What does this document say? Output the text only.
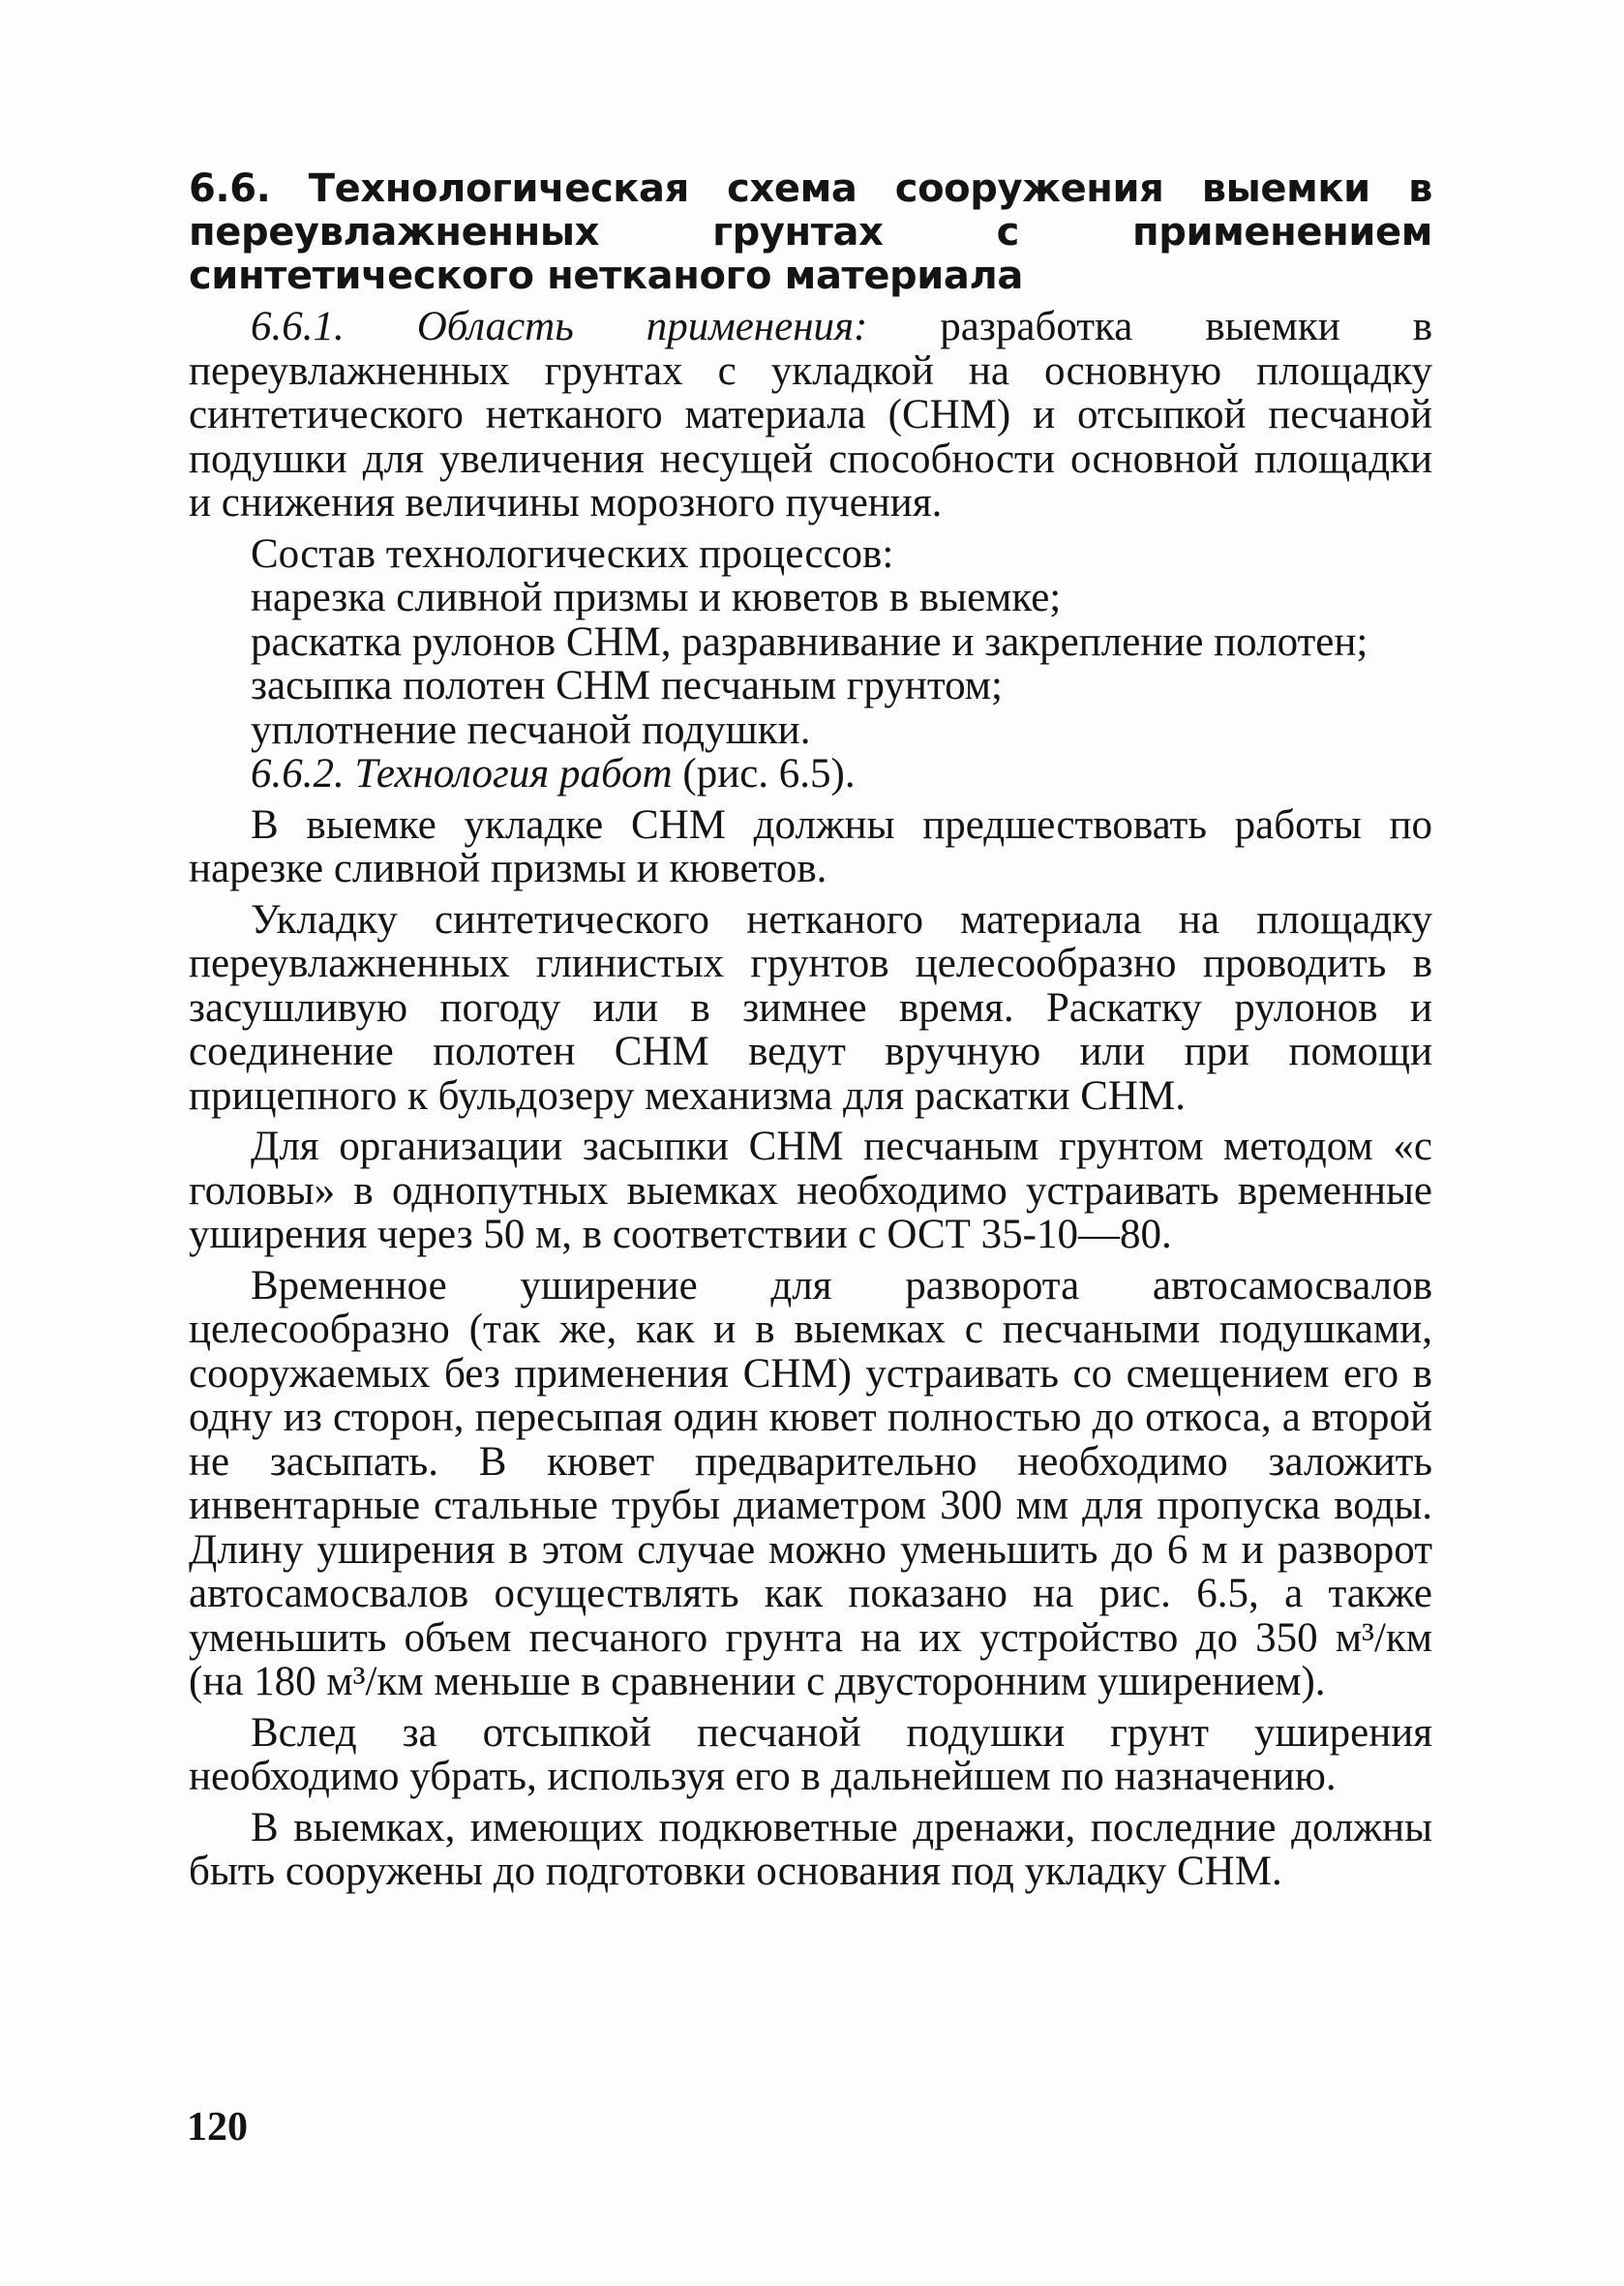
6.6. Технологическая схема сооружения выемки в переувлажненных грунтах с применением синтетического нетканого материала

6.6.1. Область применения: разработка выемки в переувлажненных грунтах с укладкой на основную площадку синтетического нетканого материала (СНМ) и отсыпкой песчаной подушки для увеличения несущей способности основной площадки и снижения величины морозного пучения.

Состав технологических процессов:

нарезка сливной призмы и кюветов в выемке;

раскатка рулонов СНМ, разравнивание и закрепление полотен;

засыпка полотен СНМ песчаным грунтом;

уплотнение песчаной подушки.

6.6.2. Технология работ (рис. 6.5).

В выемке укладке СНМ должны предшествовать работы по нарезке сливной призмы и кюветов.

Укладку синтетического нетканого материала на площадку переувлажненных глинистых грунтов целесообразно проводить в засушливую погоду или в зимнее время. Раскатку рулонов и соединение полотен СНМ ведут вручную или при помощи прицепного к бульдозеру механизма для раскатки СНМ.

Для организации засыпки СНМ песчаным грунтом методом «с головы» в однопутных выемках необходимо устраивать временные уширения через 50 м, в соответствии с ОСТ 35-10—80.

Временное уширение для разворота автосамосвалов целесообразно (так же, как и в выемках с песчаными подушками, сооружаемых без применения СНМ) устраивать со смещением его в одну из сторон, пересыпая один кювет полностью до откоса, а второй не засыпать. В кювет предварительно необходимо заложить инвентарные стальные трубы диаметром 300 мм для пропуска воды. Длину уширения в этом случае можно уменьшить до 6 м и разворот автосамосвалов осуществлять как показано на рис. 6.5, а также уменьшить объем песчаного грунта на их устройство до 350 м³/км (на 180 м³/км меньше в сравнении с двусторонним уширением).

Вслед за отсыпкой песчаной подушки грунт уширения необходимо убрать, используя его в дальнейшем по назначению.

В выемках, имеющих подкюветные дренажи, последние должны быть сооружены до подготовки основания под укладку СНМ.

120
